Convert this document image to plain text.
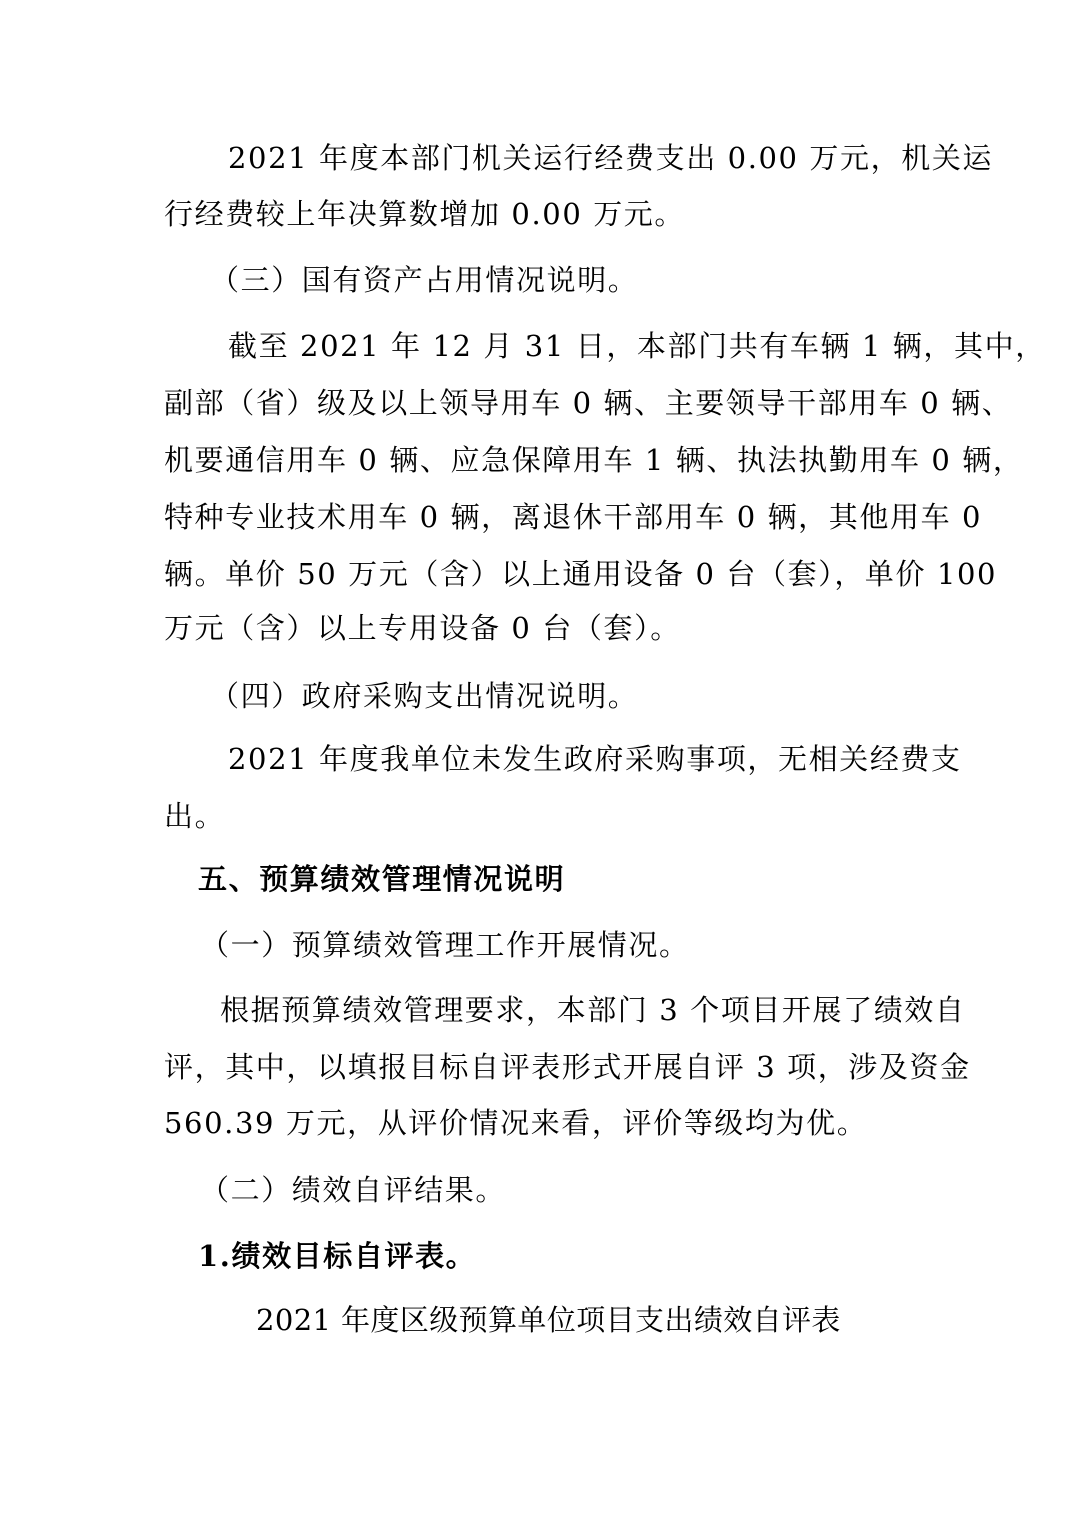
2021 年度本部门机关运行经费支出 0.00 万元，机关运
行经费较上年决算数增加 0.00 万元。
（三）国有资产占用情况说明。
截至 2021 年 12 月 31 日，本部门共有车辆 1 辆，其中，
副部（省）级及以上领导用车 0 辆、主要领导干部用车 0 辆、
机要通信用车 0 辆、应急保障用车 1 辆、执法执勤用车 0 辆，
特种专业技术用车 0 辆，离退休干部用车 0 辆，其他用车 0
辆。单价 50 万元（含）以上通用设备 0 台（套），单价 100
万元（含）以上专用设备 0 台（套）。
（四）政府采购支出情况说明。
2021 年度我单位未发生政府采购事项，无相关经费支
出。
五、预算绩效管理情况说明
（一）预算绩效管理工作开展情况。
根据预算绩效管理要求，本部门 3 个项目开展了绩效自
评，其中，以填报目标自评表形式开展自评 3 项，涉及资金
560.39 万元，从评价情况来看，评价等级均为优。
（二）绩效自评结果。
1.绩效目标自评表。
2021 年度区级预算单位项目支出绩效自评表
